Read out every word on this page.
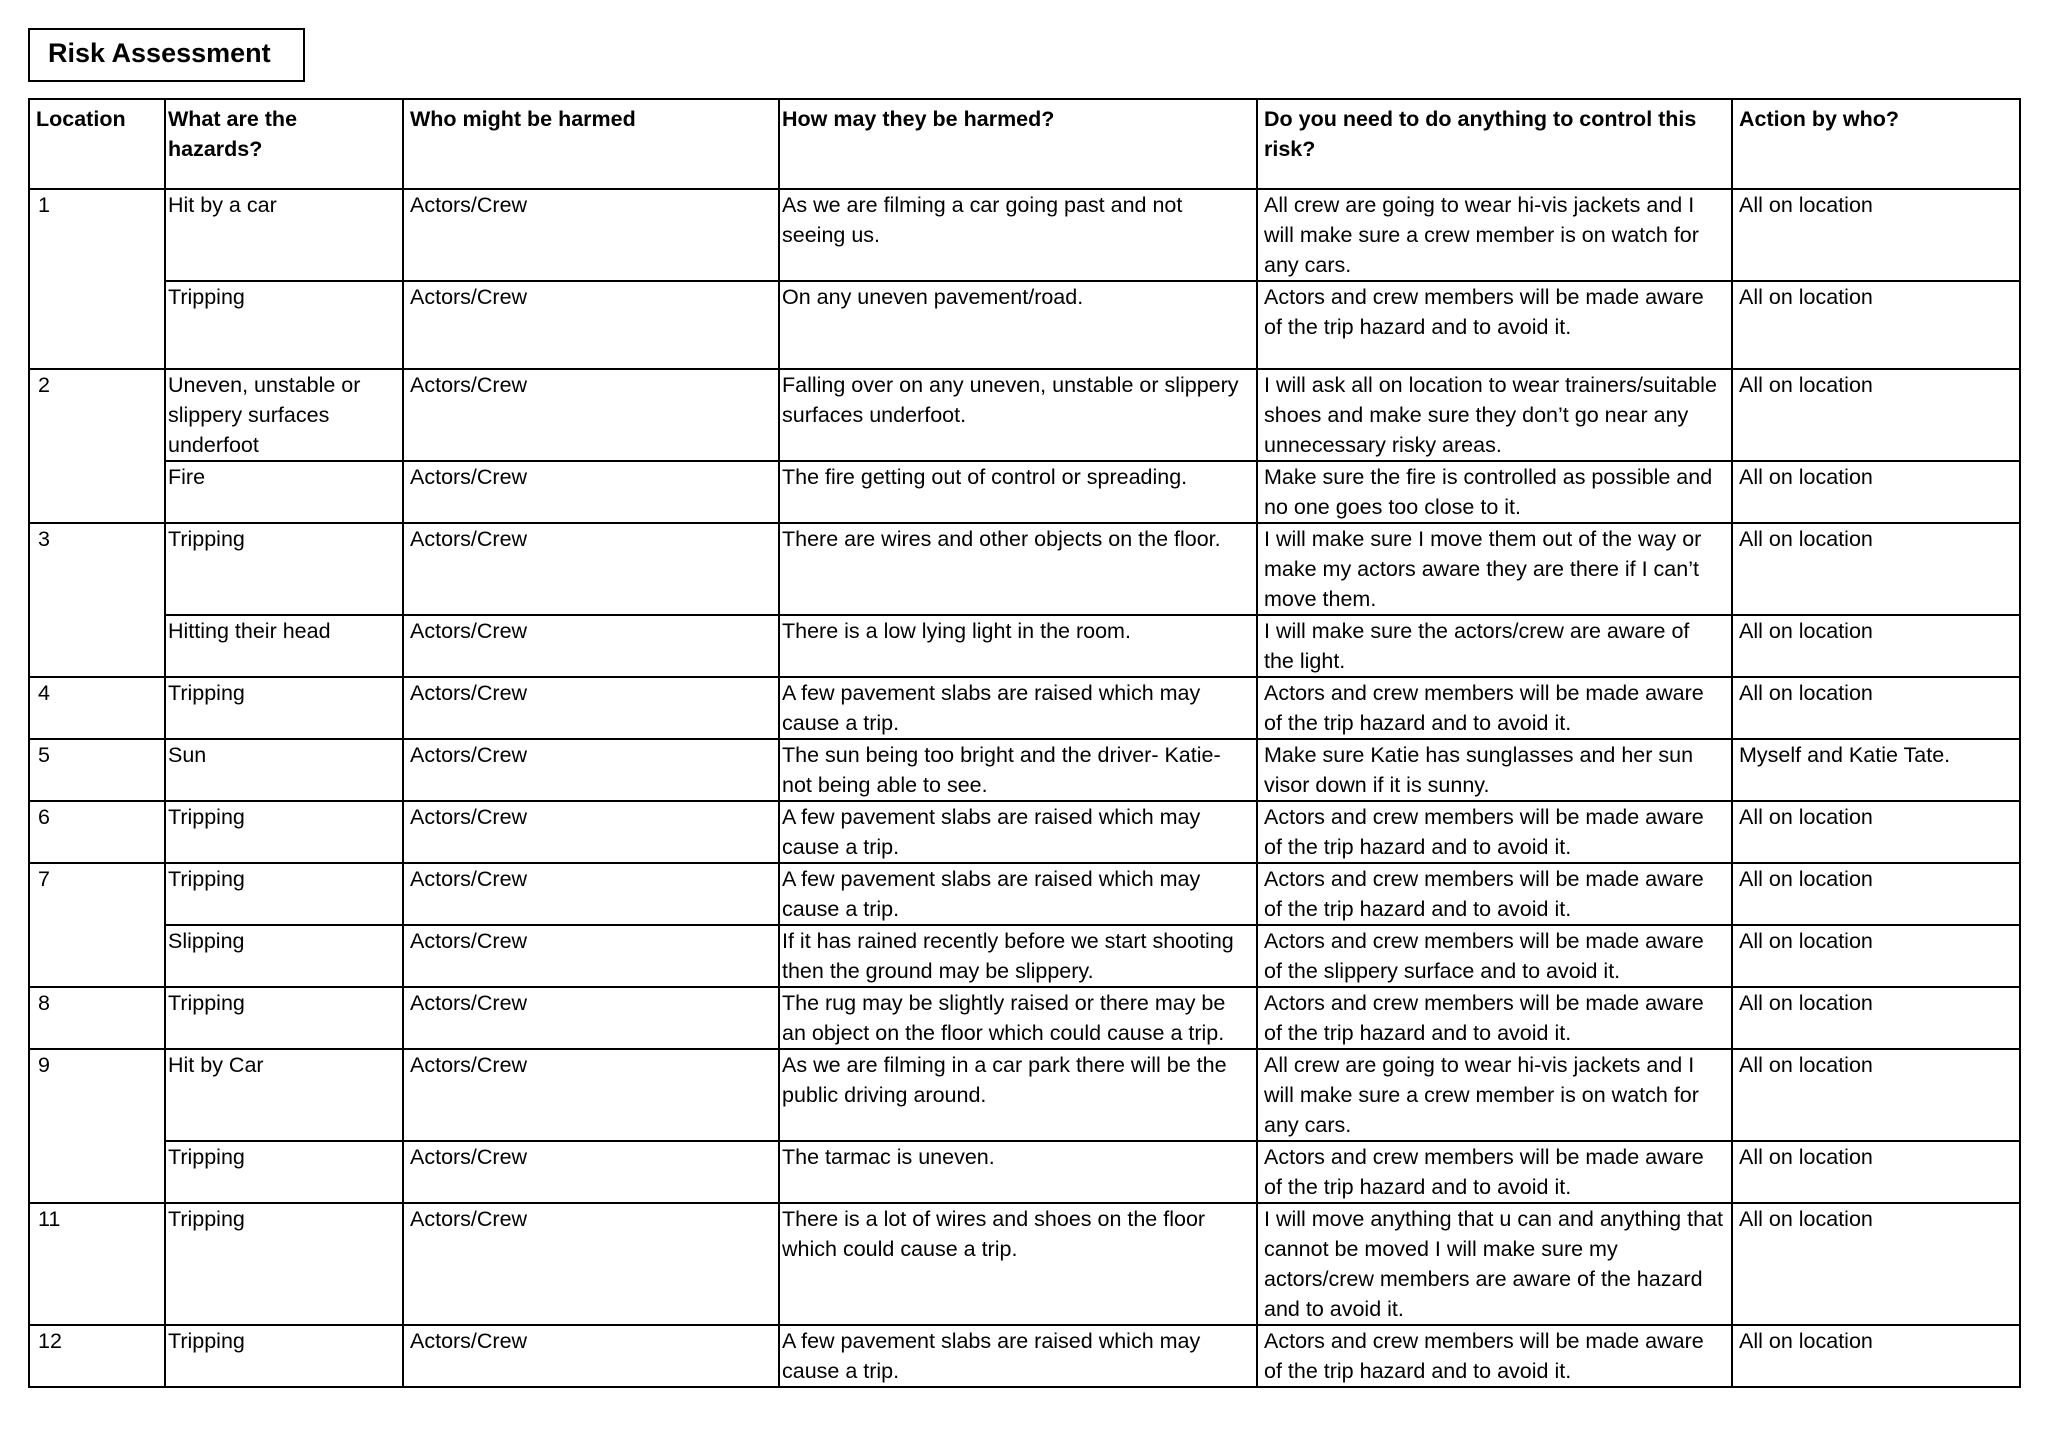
Risk Assessment
Location	What are the hazards?	Who might be harmed	How may they be harmed?	Do you need to do anything to control this risk?	Action by who?
1	Hit by a car	Actors/Crew	As we are filming a car going past and not seeing us.	All crew are going to wear hi-vis jackets and I will make sure a crew member is on watch for any cars.	All on location
	Tripping	Actors/Crew	On any uneven pavement/road.	Actors and crew members will be made aware of the trip hazard and to avoid it.	All on location
2	Uneven, unstable or slippery surfaces underfoot	Actors/Crew	Falling over on any uneven, unstable or slippery surfaces underfoot.	I will ask all on location to wear trainers/suitable shoes and make sure they don’t go near any unnecessary risky areas.	All on location
	Fire	Actors/Crew	The fire getting out of control or spreading.	Make sure the fire is controlled as possible and no one goes too close to it.	All on location
3	Tripping	Actors/Crew	There are wires and other objects on the floor.	I will make sure I move them out of the way or make my actors aware they are there if I can’t move them.	All on location
	Hitting their head	Actors/Crew	There is a low lying light in the room.	I will make sure the actors/crew are aware of the light.	All on location
4	Tripping	Actors/Crew	A few pavement slabs are raised which may cause a trip.	Actors and crew members will be made aware of the trip hazard and to avoid it.	All on location
5	Sun	Actors/Crew	The sun being too bright and the driver- Katie- not being able to see.	Make sure Katie has sunglasses and her sun visor down if it is sunny.	Myself and Katie Tate.
6	Tripping	Actors/Crew	A few pavement slabs are raised which may cause a trip.	Actors and crew members will be made aware of the trip hazard and to avoid it.	All on location
7	Tripping	Actors/Crew	A few pavement slabs are raised which may cause a trip.	Actors and crew members will be made aware of the trip hazard and to avoid it.	All on location
	Slipping	Actors/Crew	If it has rained recently before we start shooting then the ground may be slippery.	Actors and crew members will be made aware of the slippery surface and to avoid it.	All on location
8	Tripping	Actors/Crew	The rug may be slightly raised or there may be an object on the floor which could cause a trip.	Actors and crew members will be made aware of the trip hazard and to avoid it.	All on location
9	Hit by Car	Actors/Crew	As we are filming in a car park there will be the public driving around.	All crew are going to wear hi-vis jackets and I will make sure a crew member is on watch for any cars.	All on location
	Tripping	Actors/Crew	The tarmac is uneven.	Actors and crew members will be made aware of the trip hazard and to avoid it.	All on location
11	Tripping	Actors/Crew	There is a lot of wires and shoes on the floor which could cause a trip.	I will move anything that u can and anything that cannot be moved I will make sure my actors/crew members are aware of the hazard and to avoid it.	All on location
12	Tripping	Actors/Crew	A few pavement slabs are raised which may cause a trip.	Actors and crew members will be made aware of the trip hazard and to avoid it.	All on location
